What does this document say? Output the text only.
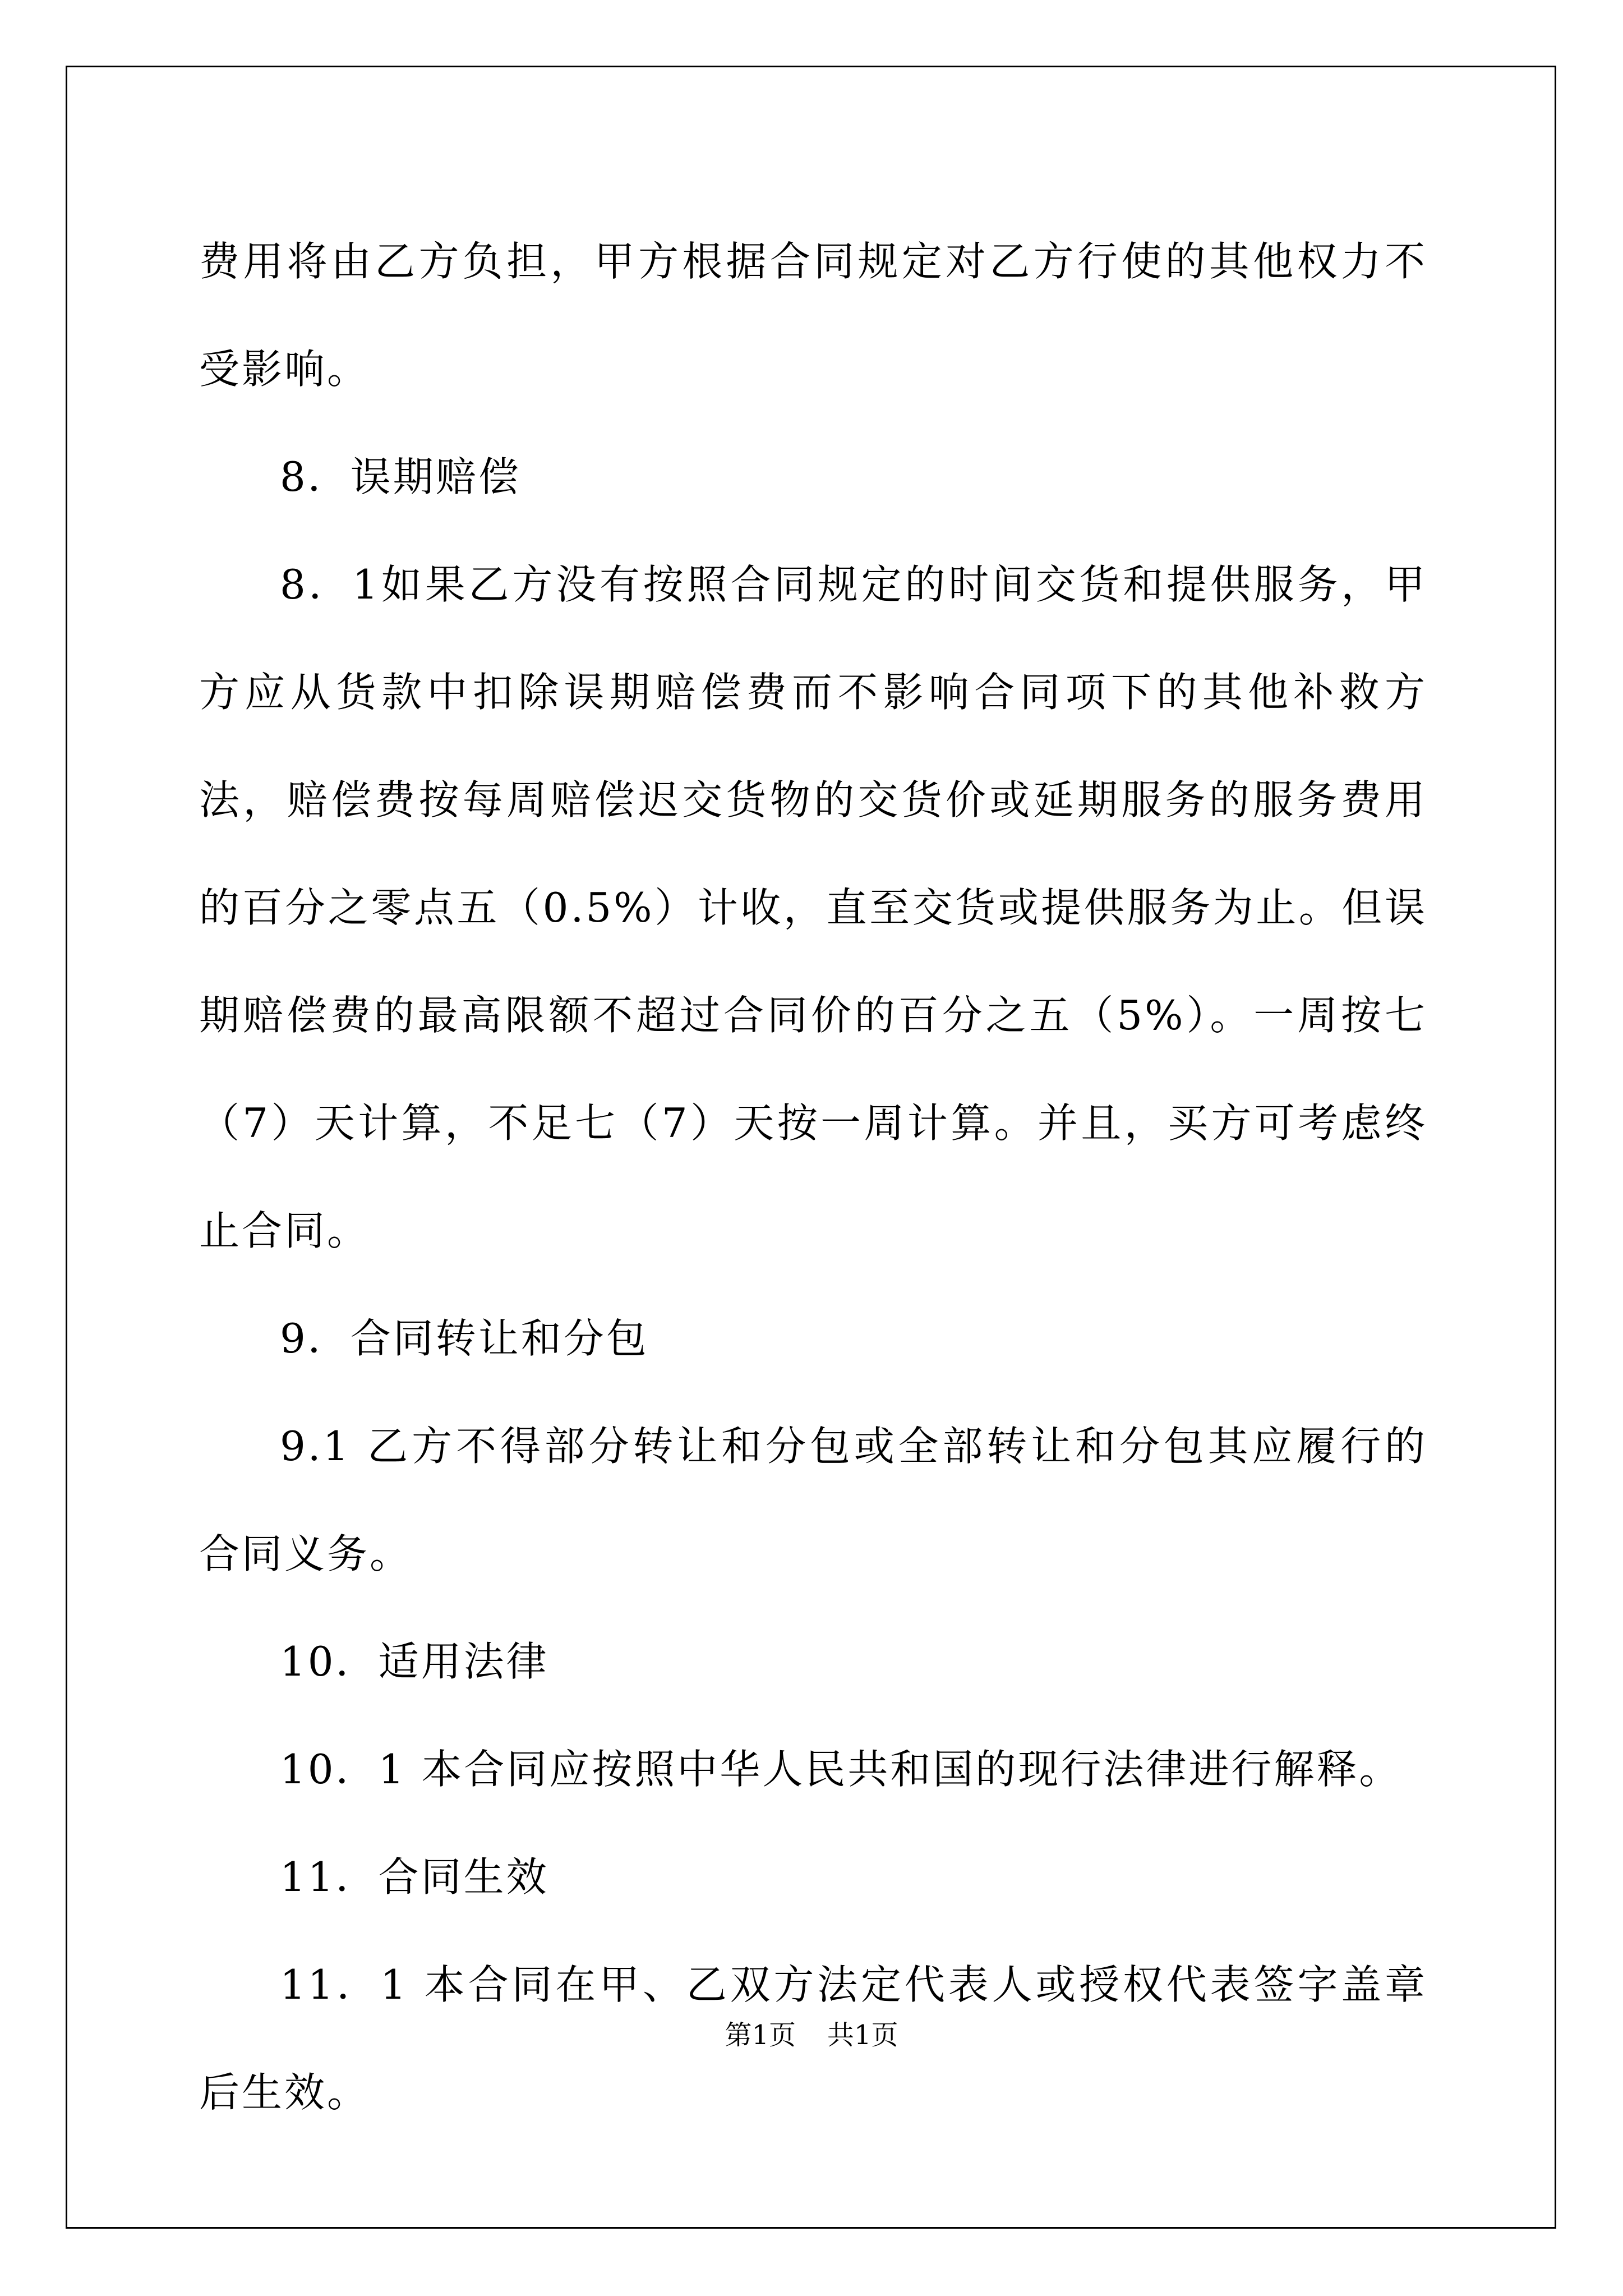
费用将由乙方负担，甲方根据合同规定对乙方行使的其他权力不受影响。

8．误期赔偿

8．1如果乙方没有按照合同规定的时间交货和提供服务，甲方应从货款中扣除误期赔偿费而不影响合同项下的其他补救方法，赔偿费按每周赔偿迟交货物的交货价或延期服务的服务费用的百分之零点五（0.5%）计收，直至交货或提供服务为止。但误期赔偿费的最高限额不超过合同价的百分之五（5%）。一周按七（7）天计算，不足七（7）天按一周计算。并且，买方可考虑终止合同。

9．合同转让和分包

9.1 乙方不得部分转让和分包或全部转让和分包其应履行的合同义务。

10．适用法律

10．1 本合同应按照中华人民共和国的现行法律进行解释。

11．合同生效

11．1 本合同在甲、乙双方法定代表人或授权代表签字盖章后生效。

第1页 共1页
